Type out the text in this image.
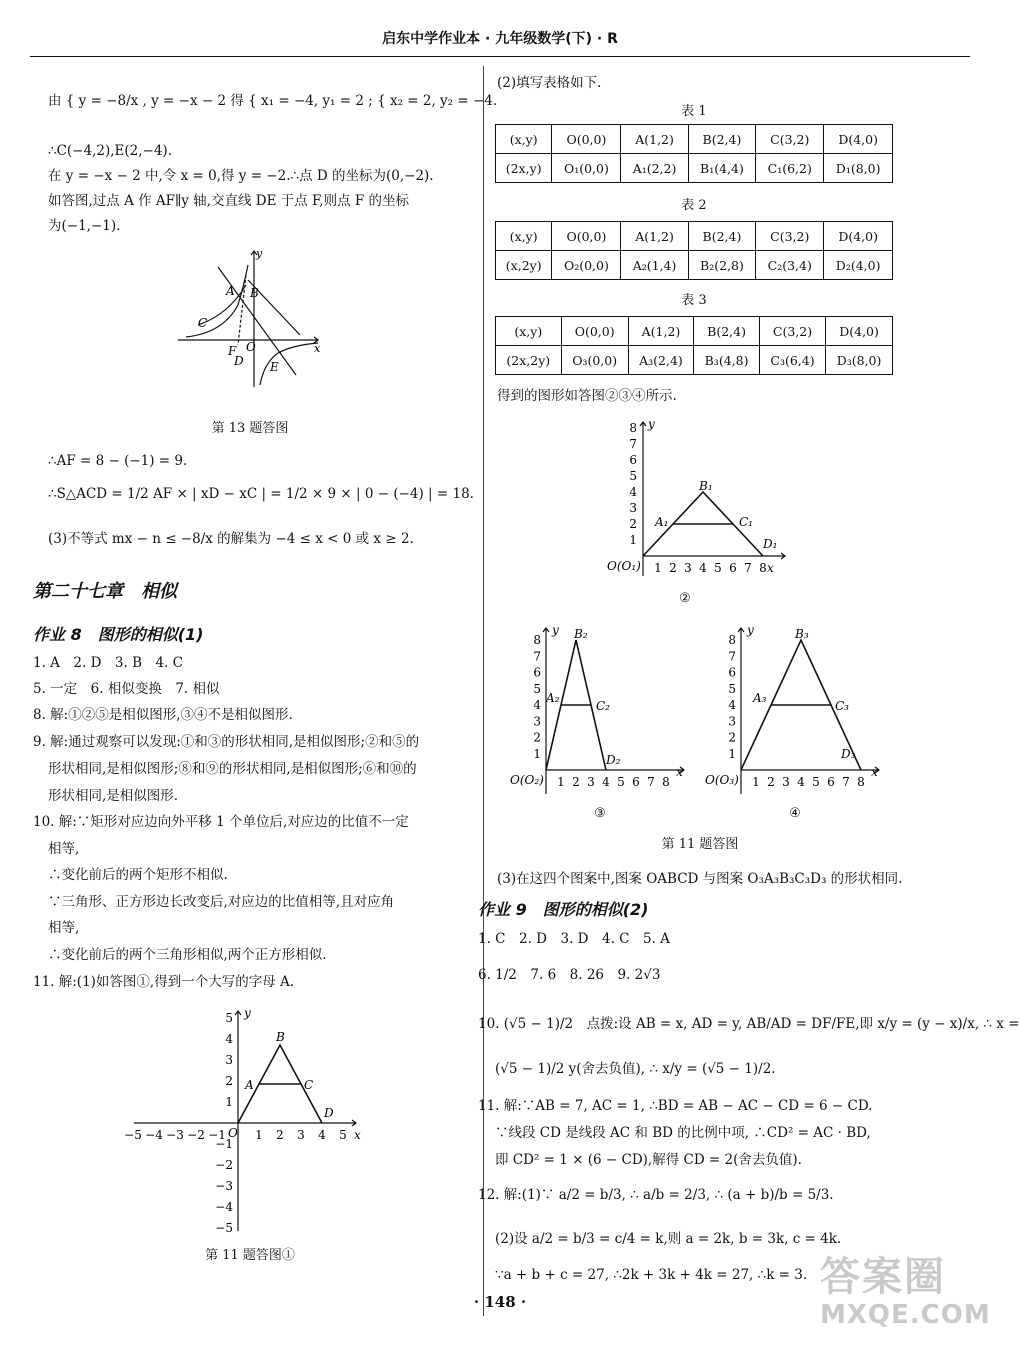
启东中学作业本 · 九年级数学(下) · R
由 { y = −8/x , y = −x − 2 得 { x₁ = −4, y₁ = 2 ; { x₂ = 2, y₂ = −4.
∴C(−4,2),E(2,−4).
在 y = −x − 2 中,令 x = 0,得 y = −2.∴点 D 的坐标为(0,−2).
如答图,过点 A 作 AF∥y 轴,交直线 DE 于点 F,则点 F 的坐标
为(−1,−1).
y
x
A B
C
F O
D E
第 13 题答图
∴AF = 8 − (−1) = 9.
∴S△ACD = 1/2 AF × | xD − xC | = 1/2 × 9 × | 0 − (−4) | = 18.
(3)不等式 mx − n ≤ −8/x 的解集为 −4 ≤ x < 0 或 x ≥ 2.
第二十七章　相似
作业 8　图形的相似(1)
1. A　2. D　3. B　4. C
5. 一定　6. 相似变换　7. 相似
8. 解:①②⑤是相似图形,③④不是相似图形.
9. 解:通过观察可以发现:①和③的形状相同,是相似图形;②和⑤的
形状相同,是相似图形;⑧和⑨的形状相同,是相似图形;⑥和⑩的
形状相同,是相似图形.
10. 解:∵矩形对应边向外平移 1 个单位后,对应边的比值不一定
相等,
∴变化前后的两个矩形不相似.
∵三角形、正方形边长改变后,对应边的比值相等,且对应角
相等,
∴变化前后的两个三角形相似,两个正方形相似.
11. 解:(1)如答图①,得到一个大写的字母 A.
−5 −4 −3 −2 −1 1 2 3 4 5
5
4
3
2
1
−1
−2
−3
−4
−5
O	x
y
A
B
C
D
第 11 题答图①
(2)填写表格如下.
表 1
(x,y)	O(0,0)	A(1,2)	B(2,4)	C(3,2)	D(4,0)
(2x,y)	O₁(0,0)	A₁(2,2)	B₁(4,4)	C₁(6,2)	D₁(8,0)
表 2
(x,y)	O(0,0)	A(1,2)	B(2,4)	C(3,2)	D(4,0)
(x,2y)	O₂(0,0)	A₂(1,4)	B₂(2,8)	C₂(3,4)	D₂(4,0)
表 3
(x,y)	O(0,0)	A(1,2)	B(2,4)	C(3,2)	D(4,0)
(2x,2y)	O₃(0,0)	A₃(2,4)	B₃(4,8)	C₃(6,4)	D₃(8,0)
得到的图形如答图②③④所示.
1 2 3 4 5 6 7 8
1
2
3
4
5
6
7
8
O(O₁)	x
y
A₁
B₁
C₁
D₁
②
1 2 3 4 5 6 7 8
1
2
3
4
5
6
7
8
O(O₂)
x
y
A₂
B₂
C₂
D₂
③
1 2 3 4 5 6 7 8
1
2
3
4
5
6
7
8
O(O₃)
x
y
A₃
B₃
C₃
D₃
④
第 11 题答图
(3)在这四个图案中,图案 OABCD 与图案 O₃A₃B₃C₃D₃ 的形状相同.
作业 9　图形的相似(2)
1. C　2. D　3. D　4. C　5. A
6. 1/2　7. 6　8. 26　9. 2√3
10. (√5 − 1)/2　点拨:设 AB = x, AD = y, AB/AD = DF/FE,即 x/y = (y − x)/x, ∴ x =
(√5 − 1)/2 y(舍去负值), ∴ x/y = (√5 − 1)/2.
11. 解:∵AB = 7, AC = 1, ∴BD = AB − AC − CD = 6 − CD.
∵线段 CD 是线段 AC 和 BD 的比例中项, ∴CD² = AC · BD,
即 CD² = 1 × (6 − CD),解得 CD = 2(舍去负值).
12. 解:(1)∵ a/2 = b/3, ∴ a/b = 2/3, ∴ (a + b)/b = 5/3.
(2)设 a/2 = b/3 = c/4 = k,则 a = 2k, b = 3k, c = 4k.
∵a + b + c = 27, ∴2k + 3k + 4k = 27, ∴k = 3.
· 148 ·
答案圈
MXQE.COM
